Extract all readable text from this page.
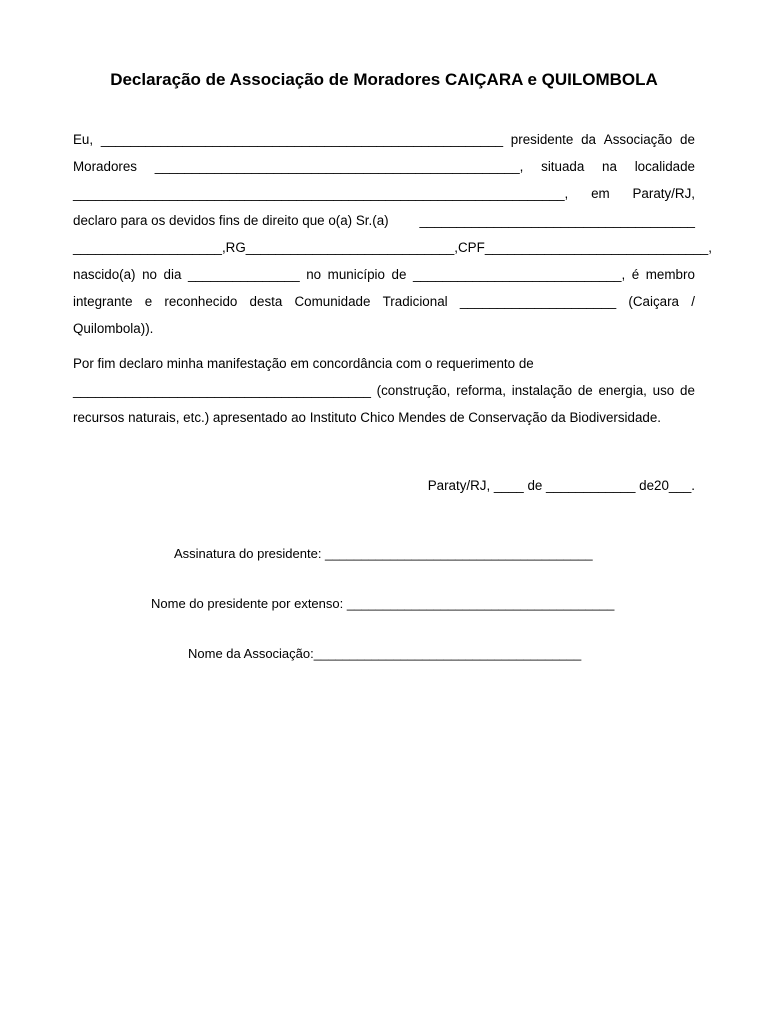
Declaração de Associação de Moradores CAIÇARA e QUILOMBOLA
Eu, ______________________________________________________ presidente da Associação de
Moradores _________________________________________________, situada na localidade
__________________________________________________________________, em Paraty/RJ,
declaro para os devidos fins de direito que o(a) Sr.(a) _____________________________________
____________________, RG ____________________________, CPF ______________________________,
nascido(a) no dia _______________ no município de ____________________________, é membro
integrante e reconhecido desta Comunidade Tradicional _____________________ (Caiçara /
Quilombola)).
Por fim declaro minha manifestação em concordância com o requerimento de
________________________________________ (construção, reforma, instalação de energia, uso de
recursos naturais, etc.) apresentado ao Instituto Chico Mendes de Conservação da Biodiversidade.
Paraty/RJ, ____ de ____________ de20___.
Assinatura do presidente: _____________________________________
Nome do presidente por extenso: _____________________________________
Nome da Associação:_____________________________________
